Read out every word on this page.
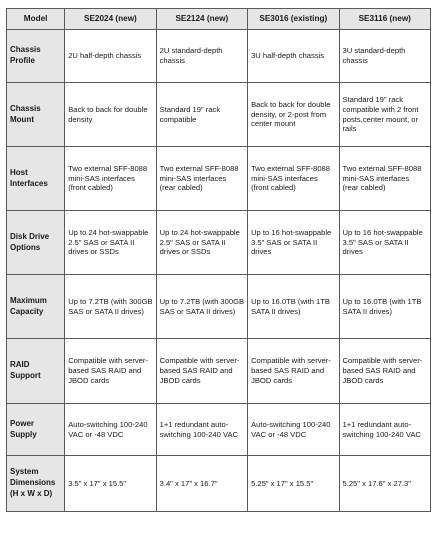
Model	SE2024 (new)	SE2124 (new)	SE3016 (existing)	SE3116 (new)
Chassis Profile	2U half-depth chassis	2U standard-depth chassis	3U half-depth chassis	3U standard-depth chassis
Chassis Mount	Back to back for double density	Standard 19" rack compatible	Back to back for double density, or 2-post from center mount	Standard 19" rack compatible with 2 front posts,center mount, or rails
Host Interfaces	Two external SFF-8088 mini-SAS interfaces (front cabled)	Two external SFF-8088 mini-SAS interfaces (rear cabled)	Two external SFF-8088 mini-SAS interfaces (front cabled)	Two external SFF-8088 mini-SAS interfaces (rear cabled)
Disk Drive Options	Up to 24 hot-swappable 2.5" SAS or SATA II drives or SSDs	Up to 24 hot-swappable 2.5" SAS or SATA II drives or SSDs	Up to 16 hot-swappable 3.5" SAS or SATA II drives	Up to 16 hot-swappable 3.5" SAS or SATA II drives
Maximum Capacity	Up to 7.2TB (with 300GB SAS or SATA II drives)	Up to 7.2TB (with 300GB SAS or SATA II drives)	Up to 16.0TB (with 1TB SATA II drives)	Up to 16.0TB (with 1TB SATA II drives)
RAID Support	Compatible with server-based SAS RAID and JBOD cards	Compatible with server-based SAS RAID and JBOD cards	Compatible with server-based SAS RAID and JBOD cards	Compatible with server-based SAS RAID and JBOD cards
Power Supply	Auto-switching 100-240 VAC or -48 VDC	1+1 redundant auto-switching 100-240 VAC	Auto-switching 100-240 VAC or -48 VDC	1+1 redundant auto-switching 100-240 VAC
System Dimensions (H x W x D)	3.5" x 17" x 15.5"	3.4" x 17" x 16.7"	5.25" x 17" x 15.5"	5.25" x 17.6" x 27.3"
